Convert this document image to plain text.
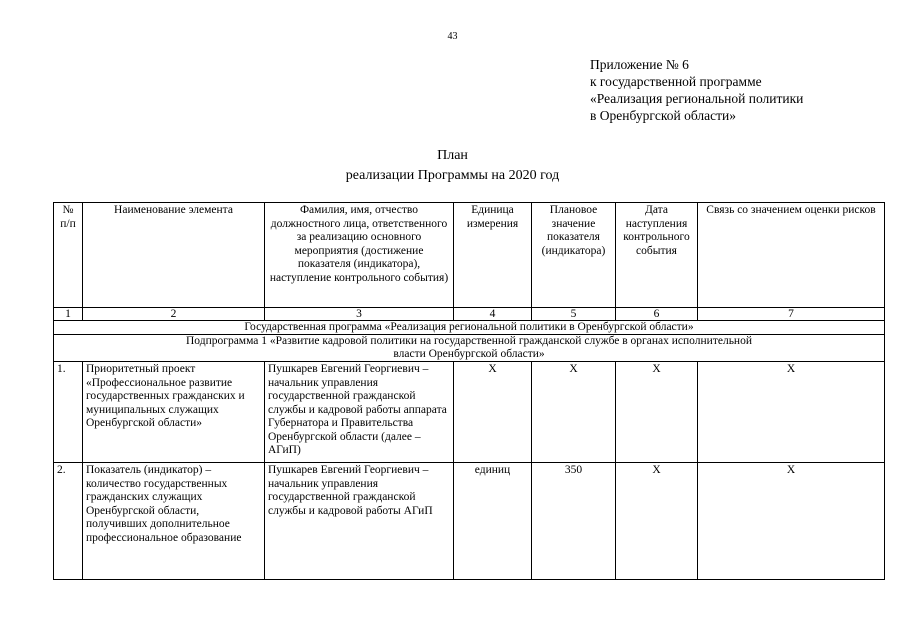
43
Приложение № 6
к государственной программе
«Реализация региональной политики
в Оренбургской области»
План
реализации Программы на 2020 год
№ п/п	Наименование элемента	Фамилия, имя, отчество должностного лица, ответственного за реализацию основного мероприятия (достижение показателя (индикатора), наступление контрольного события)	Единица измерения	Плановое значение показателя (индикатора)	Дата наступления контрольного события	Связь со значением оценки рисков
1	2	3	4	5	6	7
Государственная программа «Реализация региональной политики в Оренбургской области»						
Подпрограмма 1 «Развитие кадровой политики на государственной гражданской службе в органах исполнительной власти Оренбургской области»						
1.	Приоритетный проект «Профессиональное развитие государственных гражданских и муниципальных служащих Оренбургской области»	Пушкарев Евгений Георгиевич – начальник управления государственной гражданской службы и кадровой работы аппарата Губернатора и Правительства Оренбургской области (далее – АГиП)	Х	Х	Х	Х
2.	Показатель (индикатор) – количество государственных гражданских служащих Оренбургской области, получивших дополнительное профессиональное образование	Пушкарев Евгений Георгиевич – начальник управления государственной гражданской службы и кадровой работы АГиП	единиц	350	Х	Х
